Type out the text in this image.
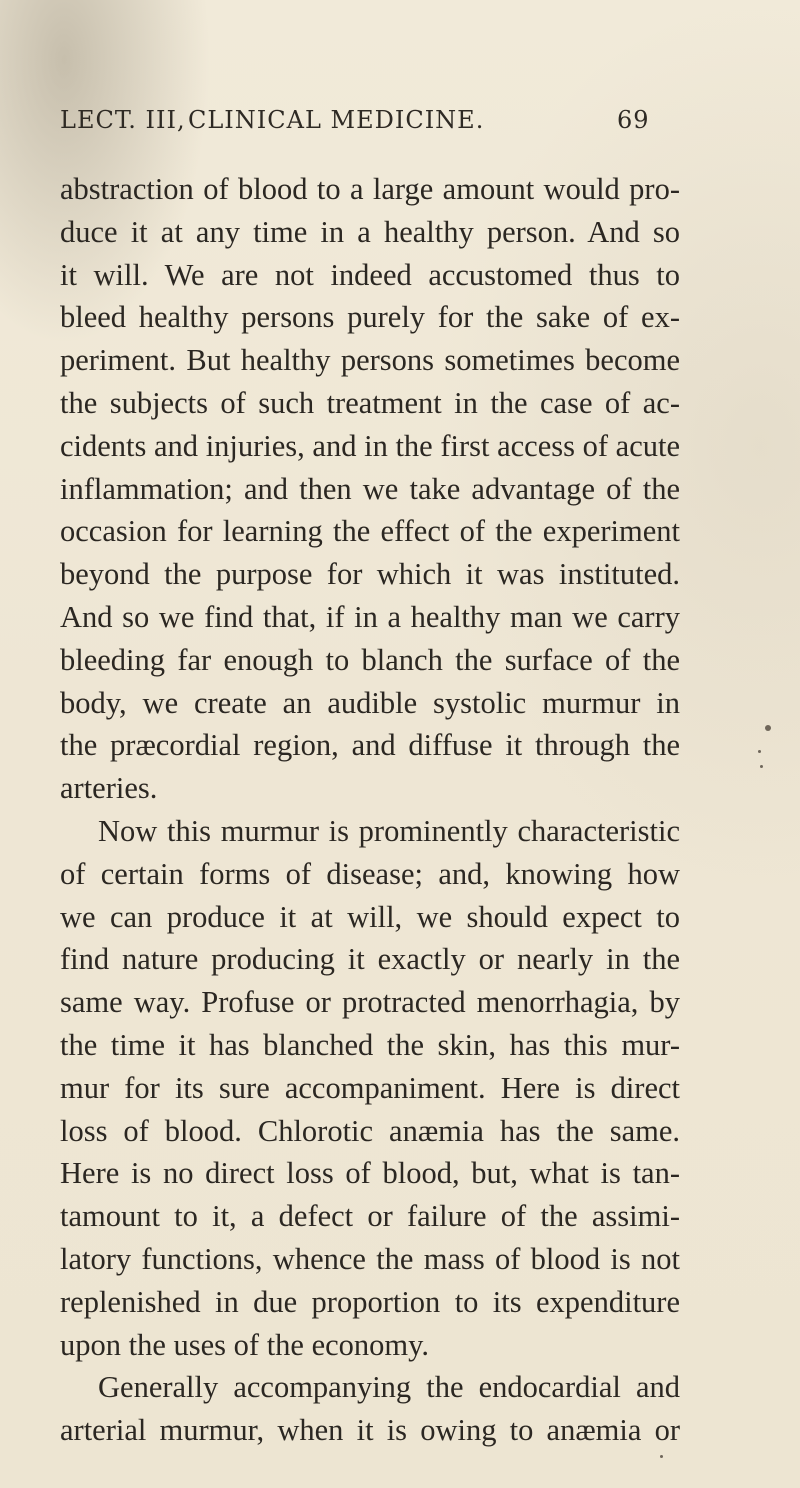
LECT. III, CLINICAL MEDICINE.	69
abstraction of blood to a large amount would pro-
duce it at any time in a healthy person. And so
it will. We are not indeed accustomed thus to
bleed healthy persons purely for the sake of ex-
periment. But healthy persons sometimes become
the subjects of such treatment in the case of ac-
cidents and injuries, and in the first access of acute
inflammation; and then we take advantage of the
occasion for learning the effect of the experiment
beyond the purpose for which it was instituted.
And so we find that, if in a healthy man we carry
bleeding far enough to blanch the surface of the
body, we create an audible systolic murmur in
the præcordial region, and diffuse it through the
arteries.
Now this murmur is prominently characteristic
of certain forms of disease; and, knowing how
we can produce it at will, we should expect to
find nature producing it exactly or nearly in the
same way. Profuse or protracted menorrhagia, by
the time it has blanched the skin, has this mur-
mur for its sure accompaniment. Here is direct
loss of blood. Chlorotic anæmia has the same.
Here is no direct loss of blood, but, what is tan-
tamount to it, a defect or failure of the assimi-
latory functions, whence the mass of blood is not
replenished in due proportion to its expenditure
upon the uses of the economy.
Generally accompanying the endocardial and
arterial murmur, when it is owing to anæmia or
